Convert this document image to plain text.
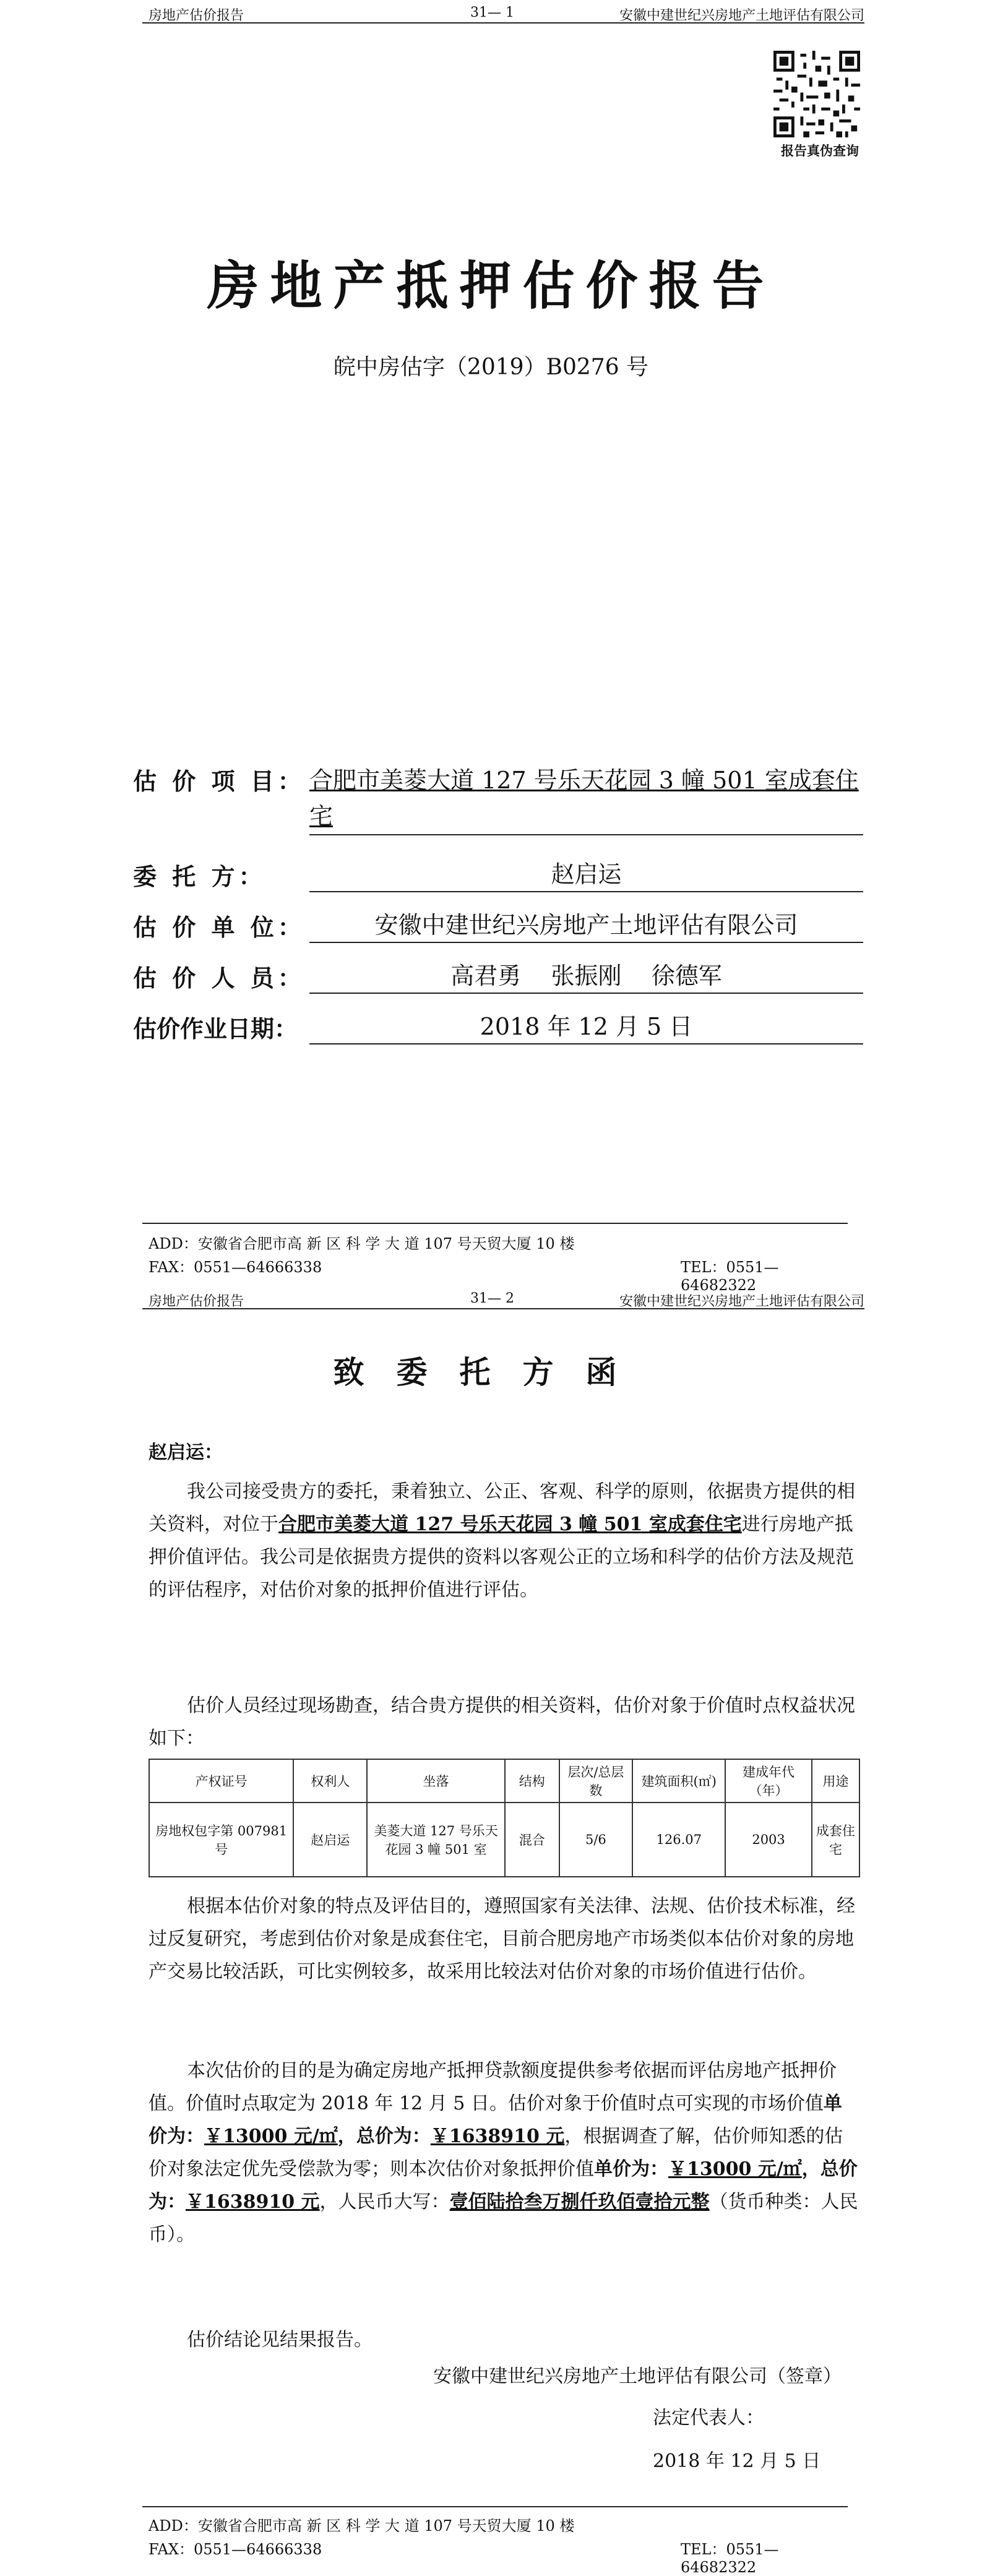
房地产估价报告	31— 1	安徽中建世纪兴房地产土地评估有限公司
报告真伪查询
房地产抵押估价报告
皖中房估字（2019）B0276 号
估 价 项 目： 合肥市美菱大道 127 号乐天花园 3 幢 501 室成套住宅
委 托 方：	赵启运
估 价 单 位：	安徽中建世纪兴房地产土地评估有限公司
估 价 人 员：	高君勇    张振刚    徐德军
估价作业日期：	2018 年 12 月 5 日
ADD：安徽省合肥市高 新 区 科 学 大 道 107 号天贸大厦 10 楼
FAX：0551—64666338	TEL：0551—64682322
房地产估价报告	31— 2	安徽中建世纪兴房地产土地评估有限公司
致委托方函
赵启运：
我公司接受贵方的委托，秉着独立、公正、客观、科学的原则，依据贵方提供的相关资料，对位于合肥市美菱大道 127 号乐天花园 3 幢 501 室成套住宅进行房地产抵押价值评估。我公司是依据贵方提供的资料以客观公正的立场和科学的估价方法及规范的评估程序，对估价对象的抵押价值进行评估。
估价人员经过现场勘查，结合贵方提供的相关资料，估价对象于价值时点权益状况如下：
产权证号	权利人	坐落	结构	层次/总层数	建筑面积(㎡)	建成年代（年）	用途
房地权包字第 007981 号	赵启运	美菱大道 127 号乐天花园 3 幢 501 室	混合	5/6	126.07	2003	成套住宅
根据本估价对象的特点及评估目的，遵照国家有关法律、法规、估价技术标准，经过反复研究，考虑到估价对象是成套住宅，目前合肥房地产市场类似本估价对象的房地产交易比较活跃，可比实例较多，故采用比较法对估价对象的市场价值进行估价。
本次估价的目的是为确定房地产抵押贷款额度提供参考依据而评估房地产抵押价值。价值时点取定为 2018 年 12 月 5 日。估价对象于价值时点可实现的市场价值单价为：￥13000 元/㎡，总价为：￥1638910 元，根据调查了解，估价师知悉的估价对象法定优先受偿款为零；则本次估价对象抵押价值单价为：￥13000 元/㎡，总价为：￥1638910 元，人民币大写：壹佰陆拾叁万捌仟玖佰壹拾元整（货币种类：人民币）。
估价结论见结果报告。
安徽中建世纪兴房地产土地评估有限公司（签章）
法定代表人：
2018 年 12 月 5 日
ADD：安徽省合肥市高 新 区 科 学 大 道 107 号天贸大厦 10 楼
FAX：0551—64666338	TEL：0551—64682322
